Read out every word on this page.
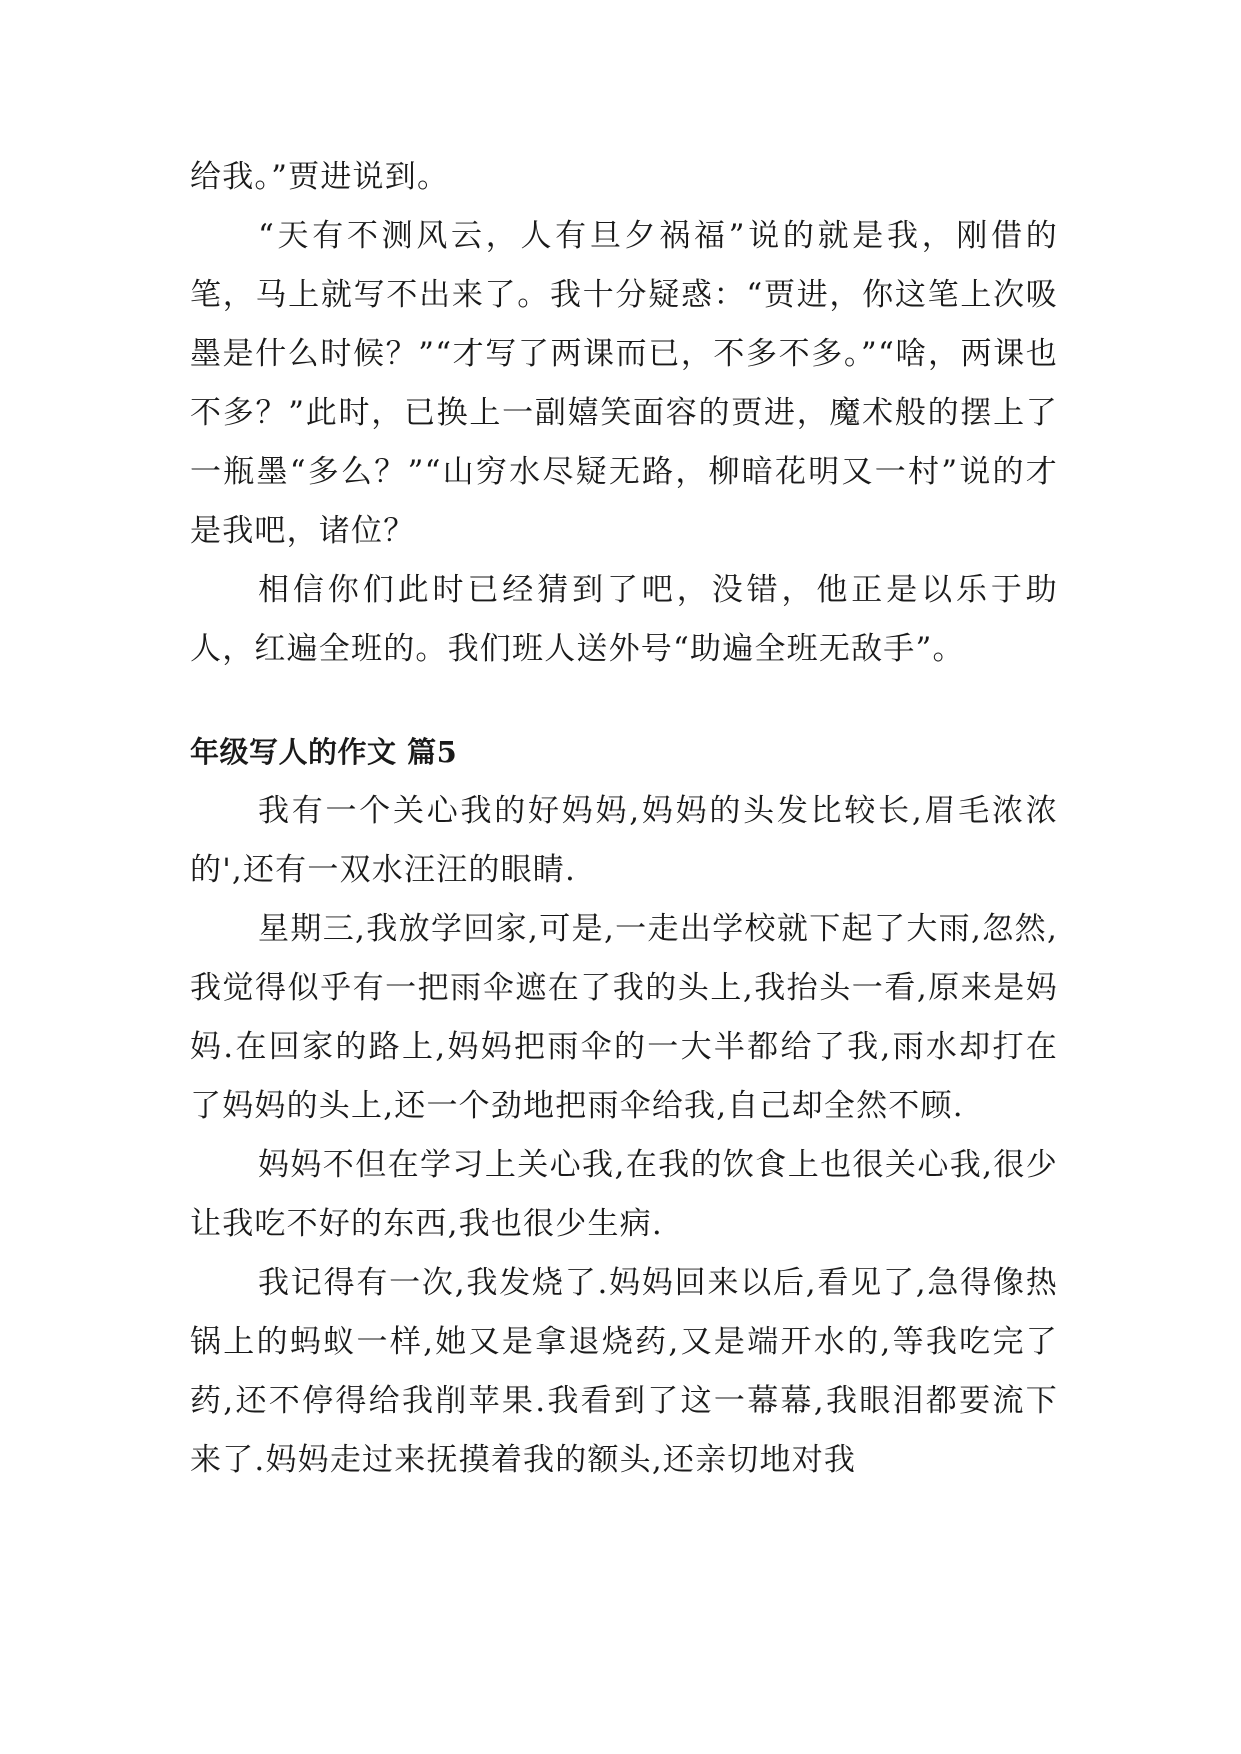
给我。”贾进说到。

“天有不测风云，人有旦夕祸福”说的就是我，刚借的笔，马上就写不出来了。我十分疑惑：“贾进，你这笔上次吸墨是什么时候？”“才写了两课而已，不多不多。”“啥，两课也不多？”此时，已换上一副嬉笑面容的贾进，魔术般的摆上了一瓶墨“多么？”“山穷水尽疑无路，柳暗花明又一村”说的才是我吧，诸位？

相信你们此时已经猜到了吧，没错，他正是以乐于助人，红遍全班的。我们班人送外号“助遍全班无敌手”。

年级写人的作文 篇5

我有一个关心我的好妈妈,妈妈的头发比较长,眉毛浓浓的',还有一双水汪汪的眼睛.

星期三,我放学回家,可是,一走出学校就下起了大雨,忽然,我觉得似乎有一把雨伞遮在了我的头上,我抬头一看,原来是妈妈.在回家的路上,妈妈把雨伞的一大半都给了我,雨水却打在了妈妈的头上,还一个劲地把雨伞给我,自己却全然不顾.

妈妈不但在学习上关心我,在我的饮食上也很关心我,很少让我吃不好的东西,我也很少生病.

我记得有一次,我发烧了.妈妈回来以后,看见了,急得像热锅上的蚂蚁一样,她又是拿退烧药,又是端开水的,等我吃完了药,还不停得给我削苹果.我看到了这一幕幕,我眼泪都要流下来了.妈妈走过来抚摸着我的额头,还亲切地对我
